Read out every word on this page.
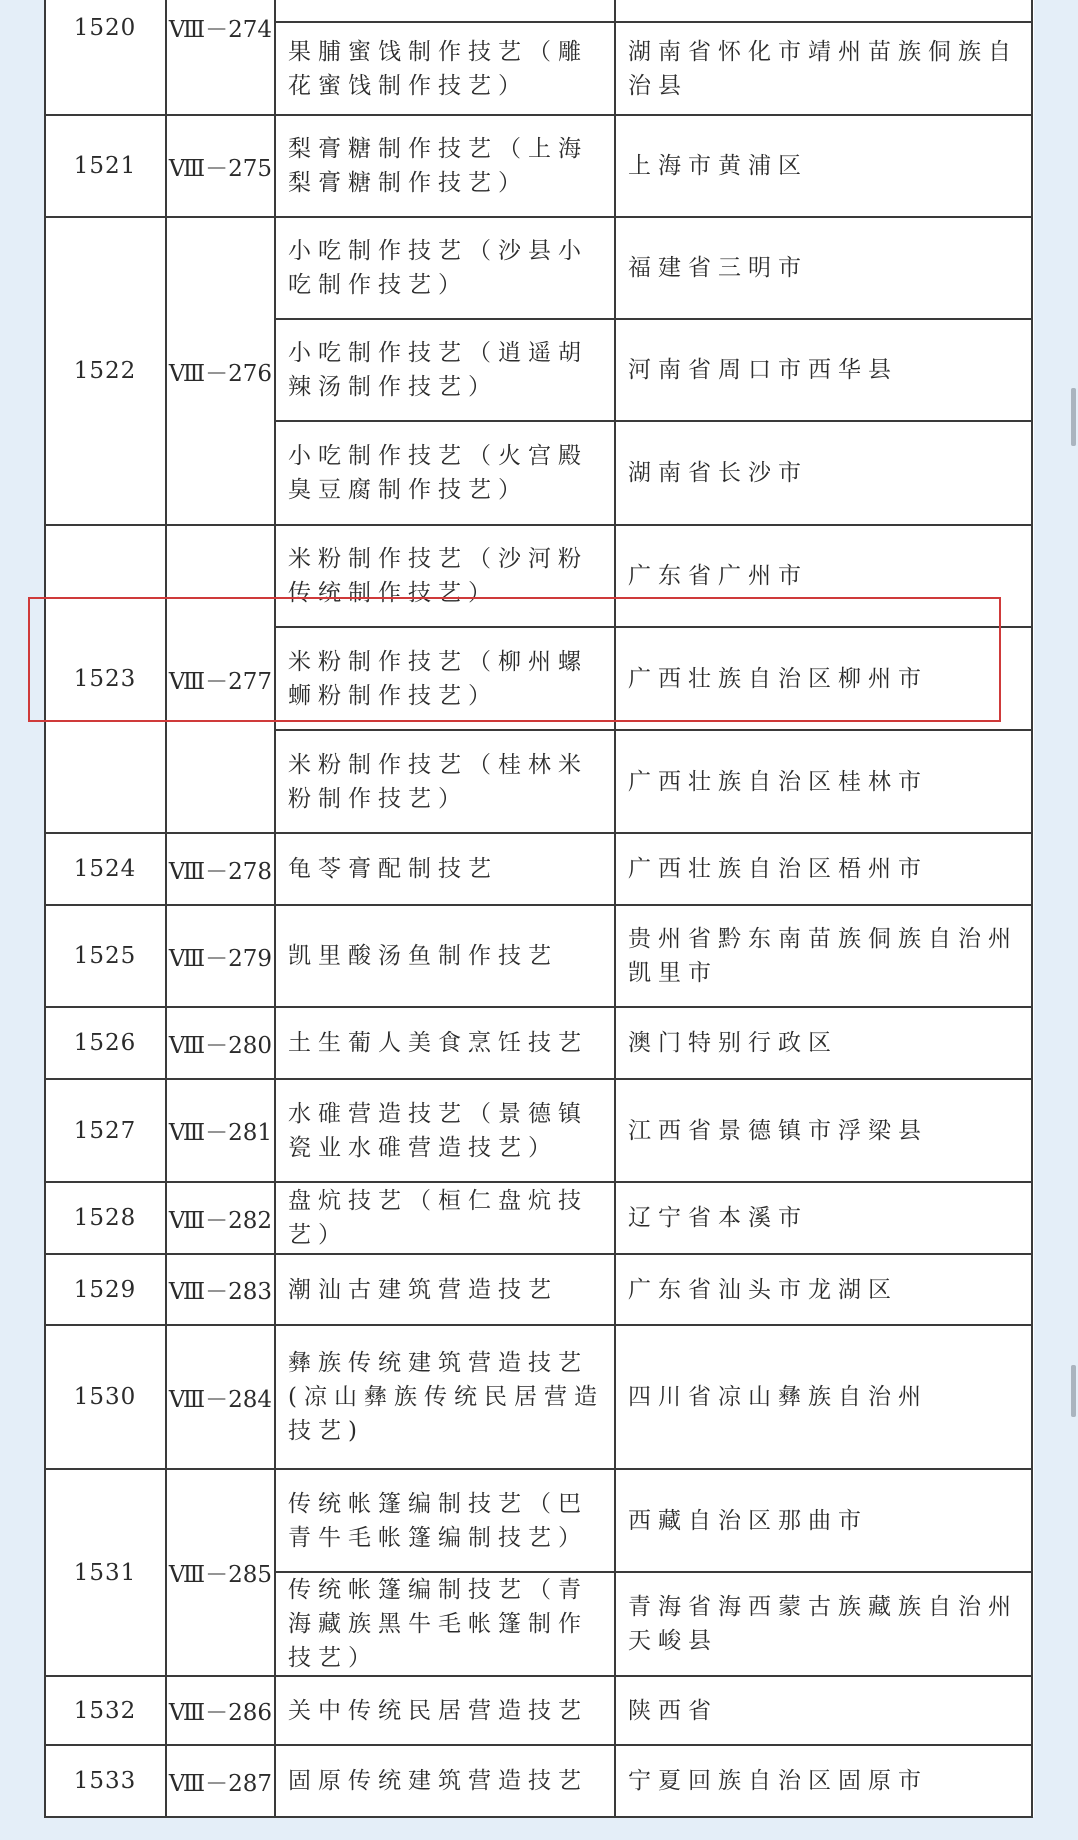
1520	Ⅷ－274
果脯蜜饯制作技艺（雕花蜜饯制作技艺）
湖南省怀化市靖州苗族侗族自治县
1521	Ⅷ－275
梨膏糖制作技艺（上海梨膏糖制作技艺）
上海市黄浦区
1522	Ⅷ－276
小吃制作技艺（沙县小吃制作技艺）
福建省三明市
小吃制作技艺（逍遥胡辣汤制作技艺）
河南省周口市西华县
小吃制作技艺（火宫殿臭豆腐制作技艺）
湖南省长沙市
1523	Ⅷ－277
米粉制作技艺（沙河粉传统制作技艺）
广东省广州市
米粉制作技艺（柳州螺蛳粉制作技艺）
广西壮族自治区柳州市
米粉制作技艺（桂林米粉制作技艺）
广西壮族自治区桂林市
1524	Ⅷ－278 龟苓膏配制技艺	广西壮族自治区梧州市
1525	Ⅷ－279 凯里酸汤鱼制作技艺
贵州省黔东南苗族侗族自治州凯里市
1526	Ⅷ－280 土生葡人美食烹饪技艺	澳门特别行政区
1527	Ⅷ－281
水碓营造技艺（景德镇瓷业水碓营造技艺）
江西省景德镇市浮梁县
1528	Ⅷ－282
盘炕技艺（桓仁盘炕技艺）
辽宁省本溪市
1529	Ⅷ－283 潮汕古建筑营造技艺	广东省汕头市龙湖区
1530	Ⅷ－284
彝族传统建筑营造技艺(凉山彝族传统民居营造技艺)
四川省凉山彝族自治州
1531	Ⅷ－285
传统帐篷编制技艺（巴青牛毛帐篷编制技艺）
西藏自治区那曲市
传统帐篷编制技艺（青海藏族黑牛毛帐篷制作技艺）
青海省海西蒙古族藏族自治州天峻县
1532	Ⅷ－286 关中传统民居营造技艺	陕西省
1533	Ⅷ－287 固原传统建筑营造技艺	宁夏回族自治区固原市
